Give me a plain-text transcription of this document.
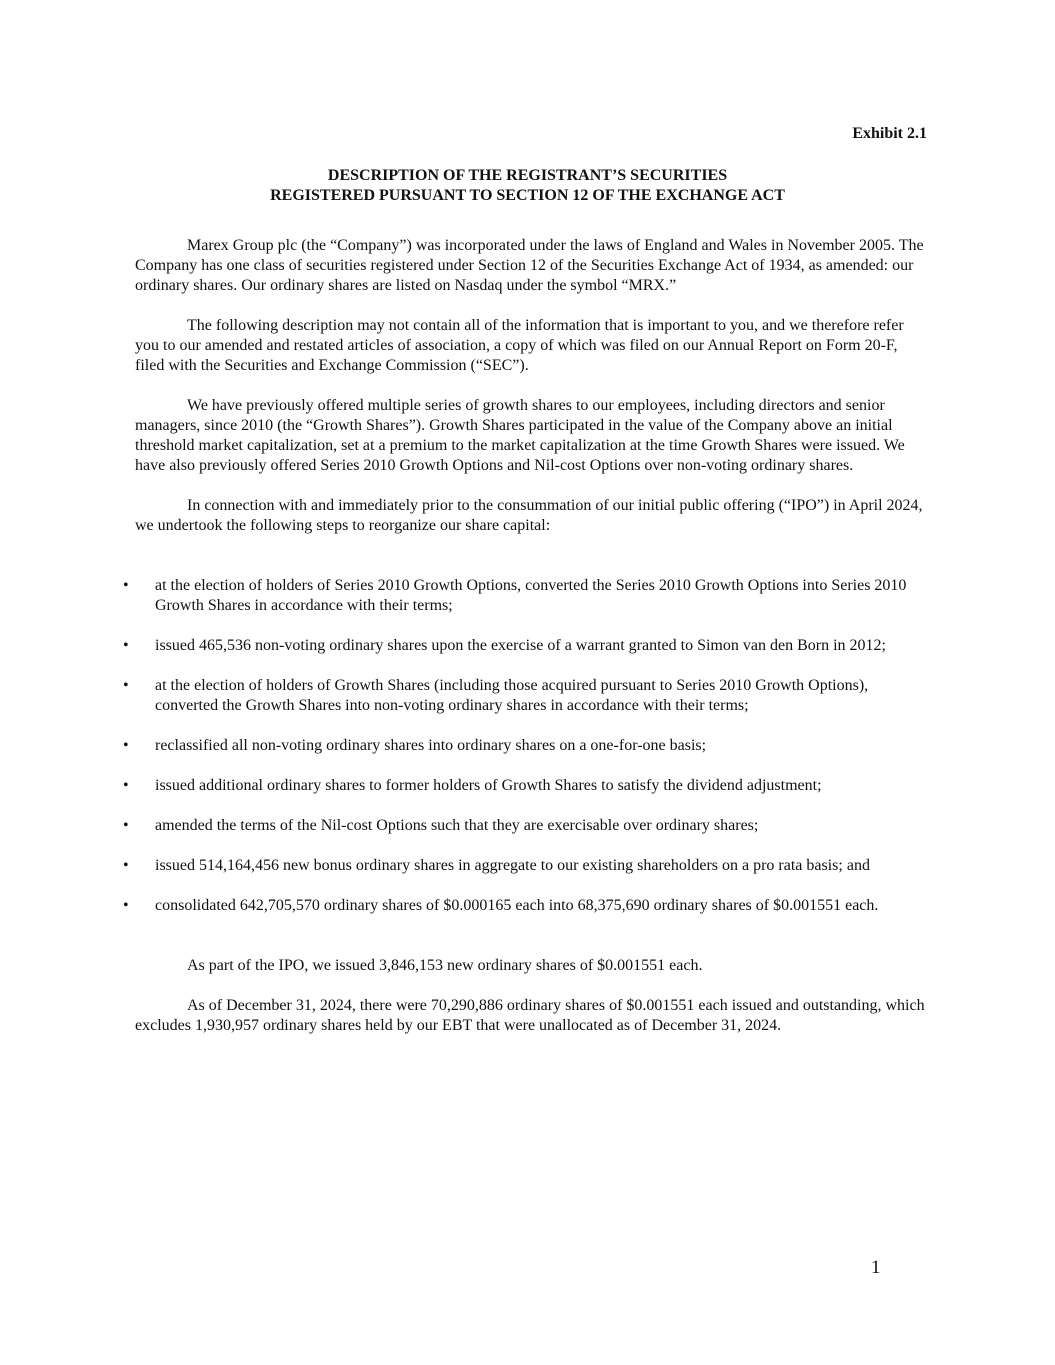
Exhibit 2.1
DESCRIPTION OF THE REGISTRANT’S SECURITIES
REGISTERED PURSUANT TO SECTION 12 OF THE EXCHANGE ACT

Marex Group plc (the “Company”) was incorporated under the laws of England and Wales in November 2005. The Company has one class of securities registered under Section 12 of the Securities Exchange Act of 1934, as amended: our ordinary shares. Our ordinary shares are listed on Nasdaq under the symbol “MRX.”

The following description may not contain all of the information that is important to you, and we therefore refer you to our amended and restated articles of association, a copy of which was filed on our Annual Report on Form 20-F, filed with the Securities and Exchange Commission (“SEC”).

We have previously offered multiple series of growth shares to our employees, including directors and senior managers, since 2010 (the “Growth Shares”). Growth Shares participated in the value of the Company above an initial threshold market capitalization, set at a premium to the market capitalization at the time Growth Shares were issued. We have also previously offered Series 2010 Growth Options and Nil-cost Options over non-voting ordinary shares.

In connection with and immediately prior to the consummation of our initial public offering (“IPO”) in April 2024, we undertook the following steps to reorganize our share capital:

• at the election of holders of Series 2010 Growth Options, converted the Series 2010 Growth Options into Series 2010 Growth Shares in accordance with their terms;
• issued 465,536 non-voting ordinary shares upon the exercise of a warrant granted to Simon van den Born in 2012;
• at the election of holders of Growth Shares (including those acquired pursuant to Series 2010 Growth Options), converted the Growth Shares into non-voting ordinary shares in accordance with their terms;
• reclassified all non-voting ordinary shares into ordinary shares on a one-for-one basis;
• issued additional ordinary shares to former holders of Growth Shares to satisfy the dividend adjustment;
• amended the terms of the Nil-cost Options such that they are exercisable over ordinary shares;
• issued 514,164,456 new bonus ordinary shares in aggregate to our existing shareholders on a pro rata basis; and
• consolidated 642,705,570 ordinary shares of $0.000165 each into 68,375,690 ordinary shares of $0.001551 each.

As part of the IPO, we issued 3,846,153 new ordinary shares of $0.001551 each.

As of December 31, 2024, there were 70,290,886 ordinary shares of $0.001551 each issued and outstanding, which excludes 1,930,957 ordinary shares held by our EBT that were unallocated as of December 31, 2024.

1
